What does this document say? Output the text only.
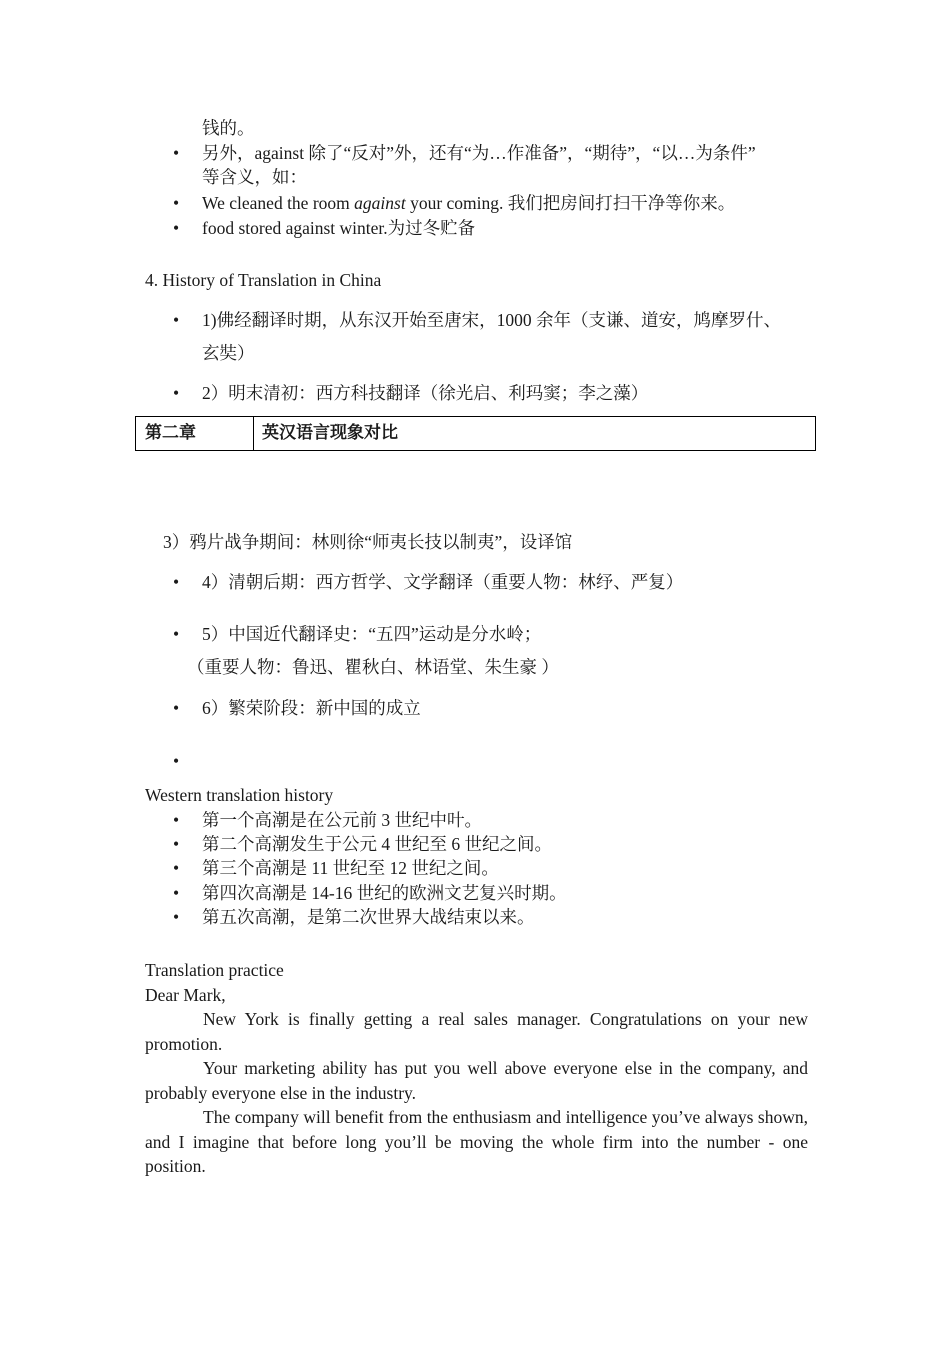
钱的。
•
另外，against 除了“反对”外，还有“为…作准备”，“期待”，“以…为条件”
等含义，如：
•
We cleaned the room against your coming. 我们把房间打扫干净等你来。
•
food stored against winter.为过冬贮备
4. History of Translation in China
•
1)佛经翻译时期，从东汉开始至唐宋，1000 余年（支谦、道安，鸠摩罗什、
玄奘）
•
2）明末清初：西方科技翻译（徐光启、利玛窦；李之藻）
第二章	英汉语言现象对比
3）鸦片战争期间：林则徐“师夷长技以制夷”，设译馆
•
4）清朝后期：西方哲学、文学翻译（重要人物：林纾、严复）
•
5）中国近代翻译史：“五四”运动是分水岭；
（重要人物：鲁迅、瞿秋白、林语堂、朱生豪 ）
•
6）繁荣阶段：新中国的成立
•
Western translation history
•
第一个高潮是在公元前 3 世纪中叶。
•
第二个高潮发生于公元 4 世纪至 6 世纪之间。
•
第三个高潮是 11 世纪至 12 世纪之间。
•
第四次高潮是 14-16 世纪的欧洲文艺复兴时期。
•
第五次高潮，是第二次世界大战结束以来。
Translation practice
Dear Mark,

New York is finally getting a real sales manager. Congratulations on your new promotion.

Your marketing ability has put you well above everyone else in the company, and probably everyone else in the industry.

The company will benefit from the enthusiasm and intelligence you’ve always shown, and I imagine that before long you’ll be moving the whole firm into the number - one position.
